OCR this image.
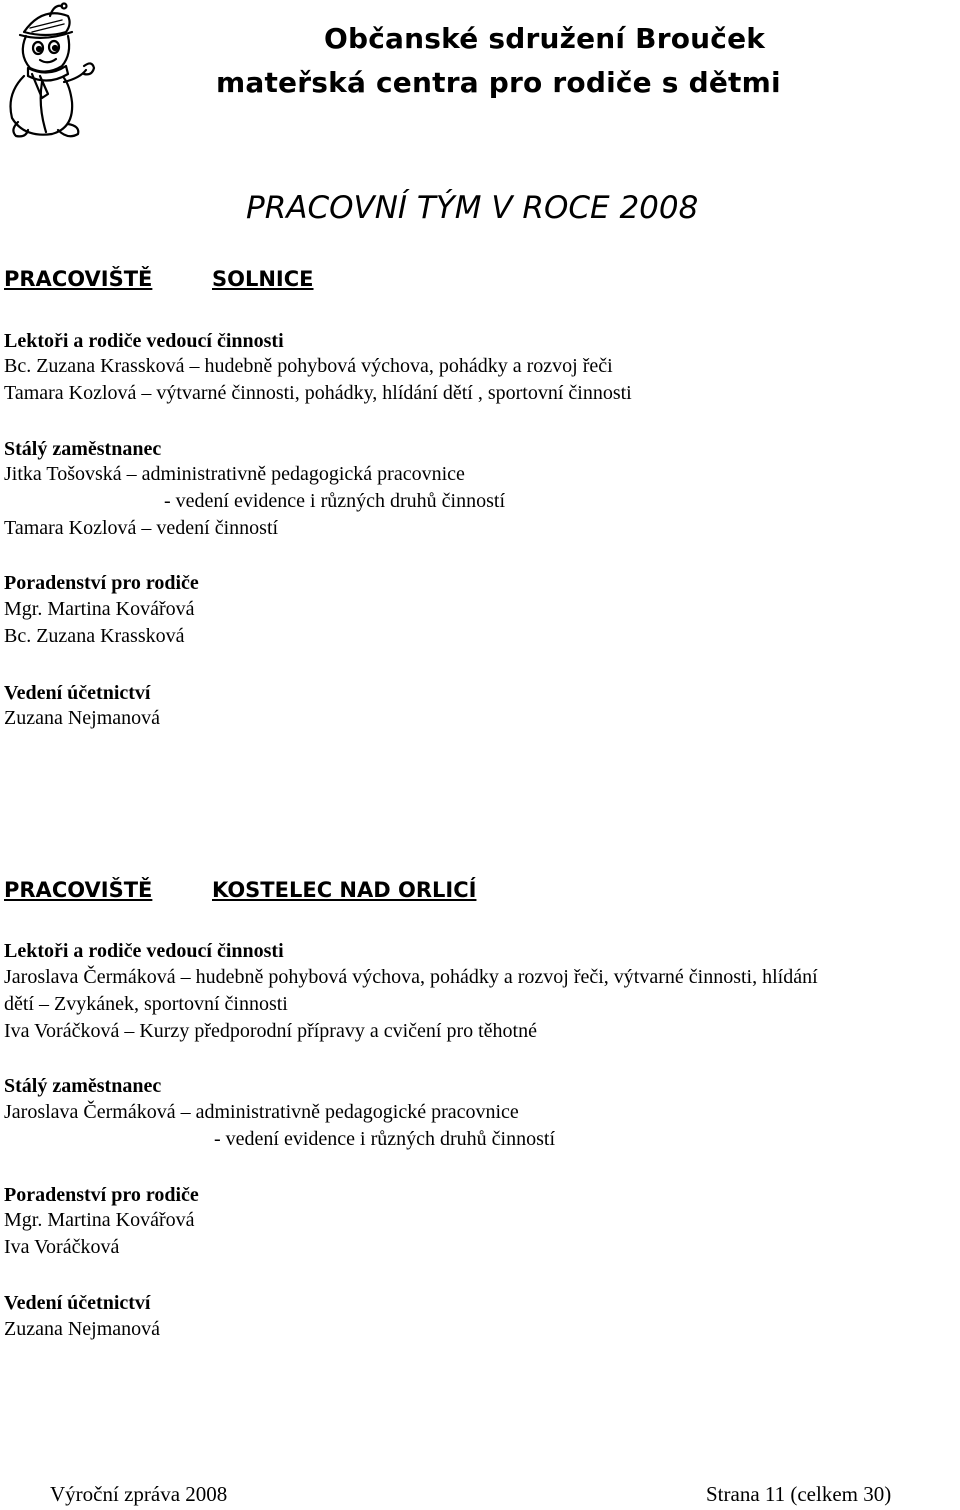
Občanské sdružení Brouček
mateřská centra pro rodiče s dětmi
PRACOVNÍ TÝM V ROCE 2008
PRACOVIŠTĚ	SOLNICE
Lektoři a rodiče vedoucí činnosti
Bc. Zuzana Krassková – hudebně pohybová výchova, pohádky a rozvoj řeči
Tamara Kozlová – výtvarné činnosti, pohádky, hlídání dětí , sportovní činnosti
Stálý zaměstnanec
Jitka Tošovská – administrativně pedagogická pracovnice
- vedení evidence i různých druhů činností
Tamara Kozlová – vedení činností
Poradenství pro rodiče
Mgr. Martina Kovářová
Bc. Zuzana Krassková
Vedení účetnictví
Zuzana Nejmanová
PRACOVIŠTĚ	KOSTELEC NAD ORLICÍ
Lektoři a rodiče vedoucí činnosti
Jaroslava Čermáková – hudebně pohybová výchova, pohádky a rozvoj řeči, výtvarné činnosti, hlídání
dětí – Zvykánek, sportovní činnosti
Iva Voráčková – Kurzy předporodní přípravy a cvičení pro těhotné
Stálý zaměstnanec
Jaroslava Čermáková – administrativně pedagogické pracovnice
- vedení evidence i různých druhů činností
Poradenství pro rodiče
Mgr. Martina Kovářová
Iva Voráčková
Vedení účetnictví
Zuzana Nejmanová
Výroční zpráva 2008	Strana 11 (celkem 30)
